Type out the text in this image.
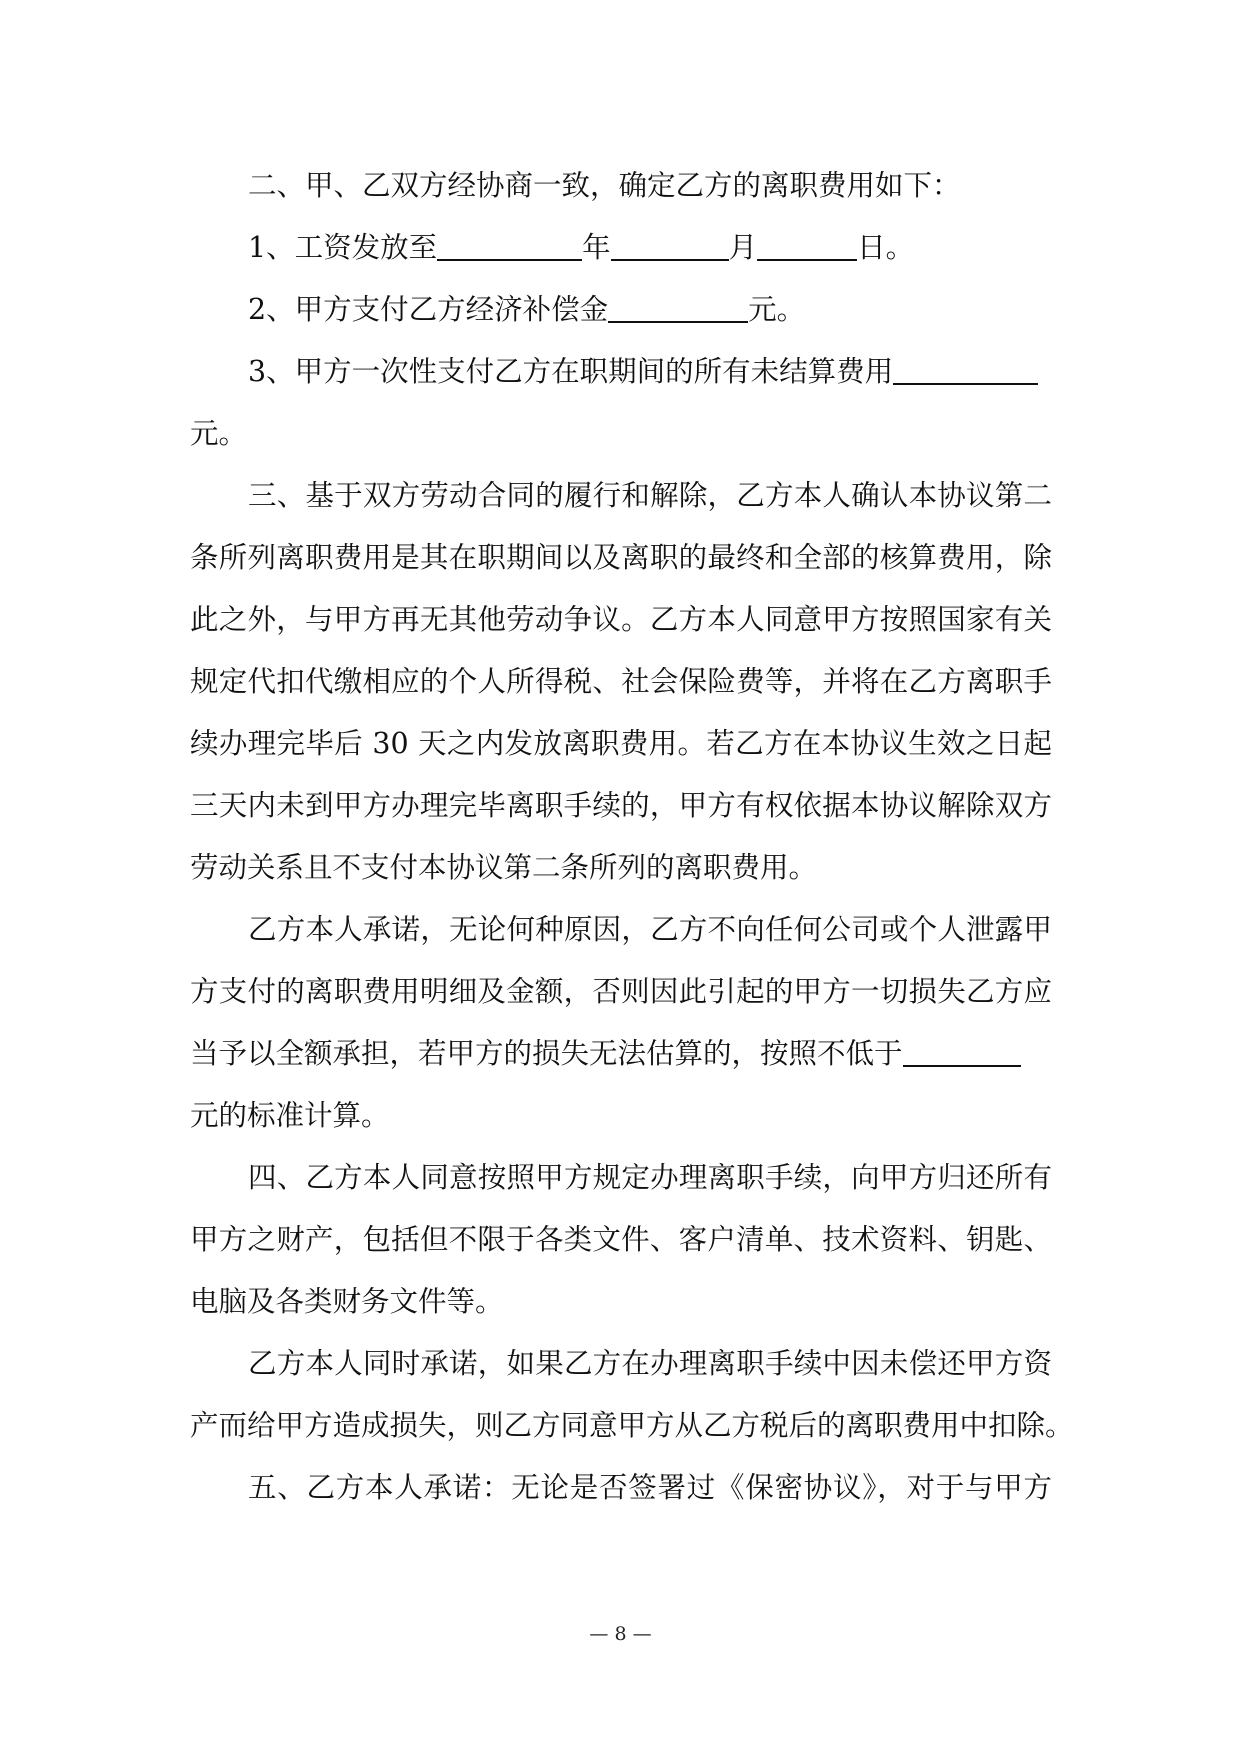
二、甲、乙双方经协商一致，确定乙方的离职费用如下：
1、工资发放至	年	月	日。
2、甲方支付乙方经济补偿金	元。
3、甲方一次性支付乙方在职期间的所有未结算费用
元。
三、基于双方劳动合同的履行和解除，乙方本人确认本协议第二
条所列离职费用是其在职期间以及离职的最终和全部的核算费用，除
此之外，与甲方再无其他劳动争议。乙方本人同意甲方按照国家有关
规定代扣代缴相应的个人所得税、社会保险费等，并将在乙方离职手
续办理完毕后 30 天之内发放离职费用。若乙方在本协议生效之日起
三天内未到甲方办理完毕离职手续的，甲方有权依据本协议解除双方
劳动关系且不支付本协议第二条所列的离职费用。
乙方本人承诺，无论何种原因，乙方不向任何公司或个人泄露甲
方支付的离职费用明细及金额，否则因此引起的甲方一切损失乙方应
当予以全额承担，若甲方的损失无法估算的，按照不低于
元的标准计算。
四、乙方本人同意按照甲方规定办理离职手续，向甲方归还所有
甲方之财产，包括但不限于各类文件、客户清单、技术资料、钥匙、
电脑及各类财务文件等。
乙方本人同时承诺，如果乙方在办理离职手续中因未偿还甲方资
产而给甲方造成损失，则乙方同意甲方从乙方税后的离职费用中扣除。
五、乙方本人承诺：无论是否签署过《保密协议》，对于与甲方
— 8 —
